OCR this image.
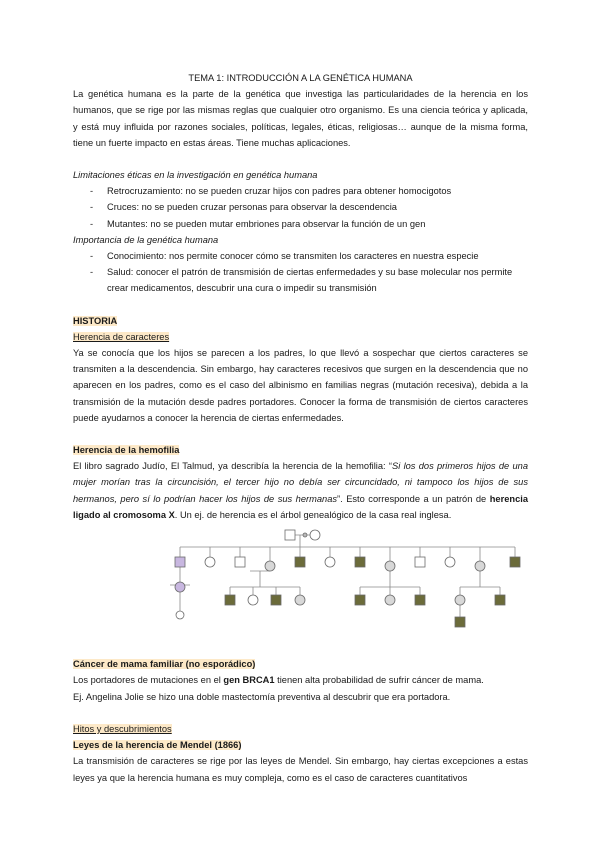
TEMA 1: INTRODUCCIÓN A LA GENÉTICA HUMANA

La genética humana es la parte de la genética que investiga las particularidades de la herencia en los humanos, que se rige por las mismas reglas que cualquier otro organismo. Es una ciencia teórica y aplicada, y está muy influida por razones sociales, políticas, legales, éticas, religiosas… aunque de la misma forma, tiene un fuerte impacto en estas áreas. Tiene muchas aplicaciones.

Limitaciones éticas en la investigación en genética humana
- Retrocruzamiento: no se pueden cruzar hijos con padres para obtener homocigotos
- Cruces: no se pueden cruzar personas para observar la descendencia
- Mutantes: no se pueden mutar embriones para observar la función de un gen
Importancia de la genética humana
- Conocimiento: nos permite conocer cómo se transmiten los caracteres en nuestra especie
- Salud: conocer el patrón de transmisión de ciertas enfermedades y su base molecular nos permite crear medicamentos, descubrir una cura o impedir su transmisión
HISTORIA
Herencia de caracteres

Ya se conocía que los hijos se parecen a los padres, lo que llevó a sospechar que ciertos caracteres se transmiten a la descendencia. Sin embargo, hay caracteres recesivos que surgen en la descendencia que no aparecen en los padres, como es el caso del albinismo en familias negras (mutación recesiva), debida a la transmisión de la mutación desde padres portadores. Conocer la forma de transmisión de ciertos caracteres puede ayudarnos a conocer la herencia de ciertas enfermedades.

Herencia de la hemofilia

El libro sagrado Judío, El Talmud, ya describía la herencia de la hemofilia: “Si los dos primeros hijos de una mujer morían tras la circuncisión, el tercer hijo no debía ser circuncidado, ni tampoco los hijos de sus hermanos, pero sí lo podrían hacer los hijos de sus hermanas”. Esto corresponde a un patrón de herencia ligado al cromosoma X. Un ej. de herencia es el árbol genealógico de la casa real inglesa.

Cáncer de mama familiar (no esporádico)

Los portadores de mutaciones en el gen BRCA1 tienen alta probabilidad de sufrir cáncer de mama.

Ej. Angelina Jolie se hizo una doble mastectomía preventiva al descubrir que era portadora.

Hitos y descubrimientos
Leyes de la herencia de Mendel (1866)

La transmisión de caracteres se rige por las leyes de Mendel. Sin embargo, hay ciertas excepciones a estas leyes ya que la herencia humana es muy compleja, como es el caso de caracteres cuantitativos
